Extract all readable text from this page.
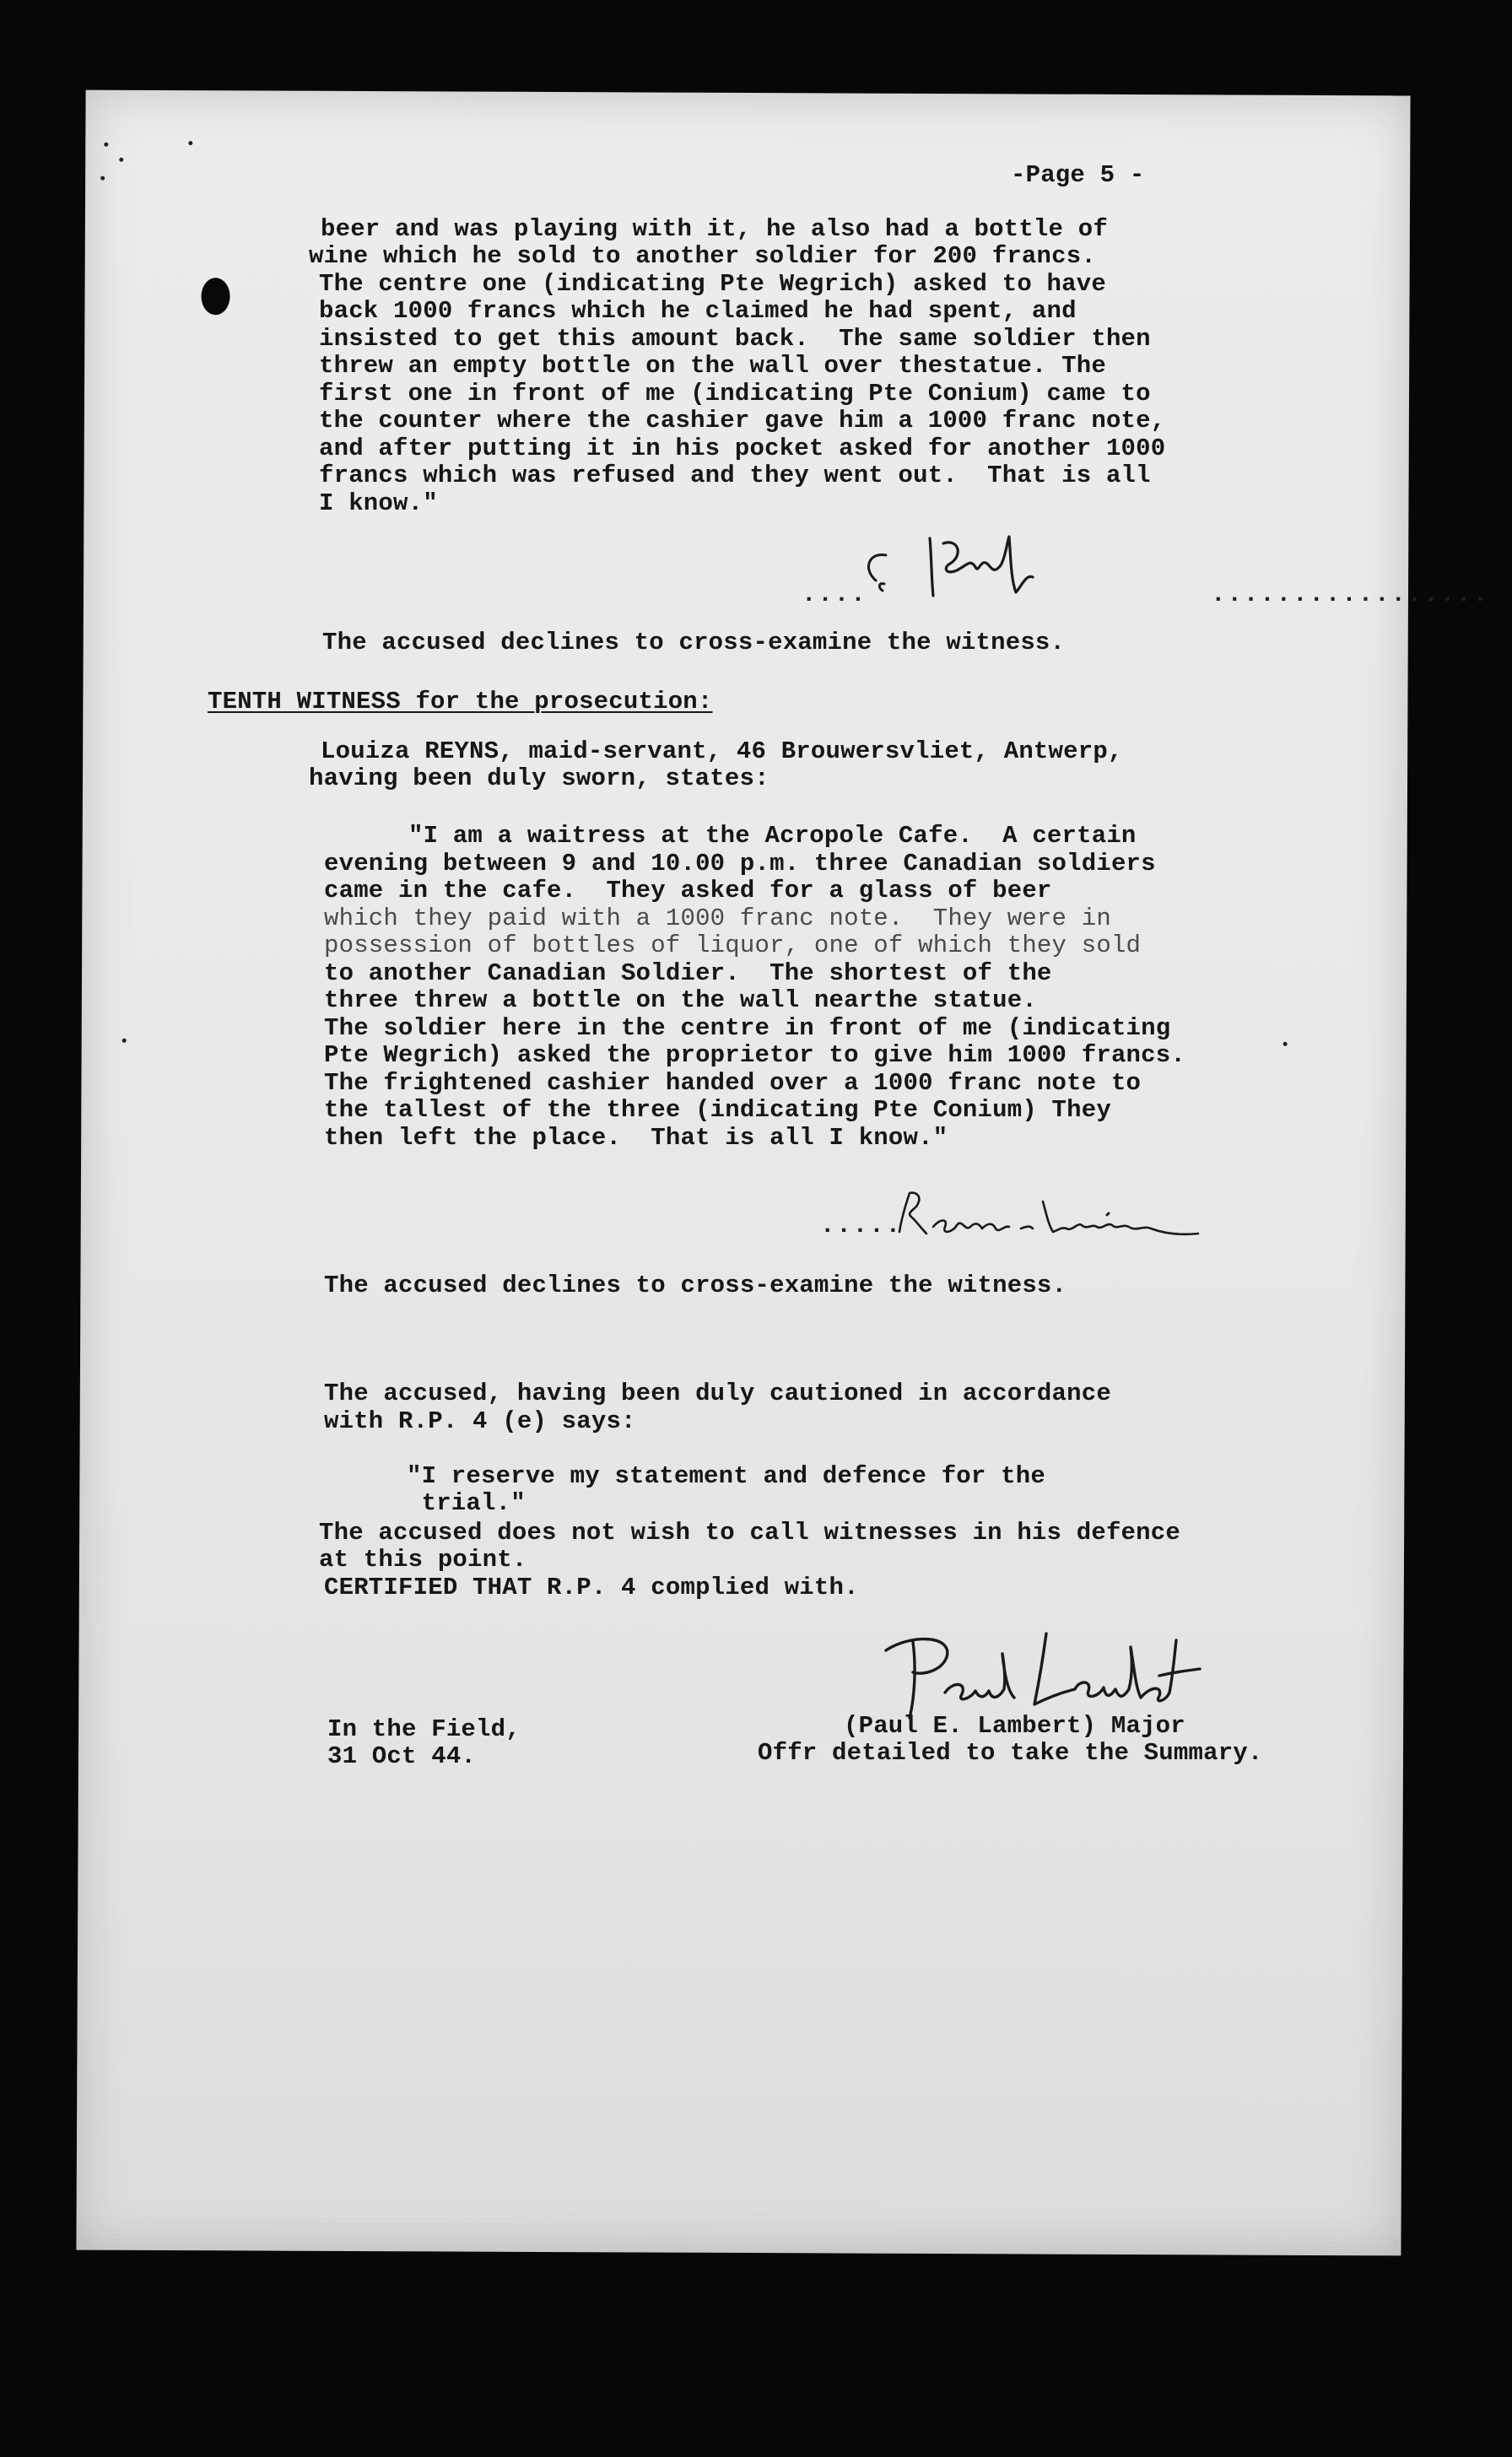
-Page 5 -
beer and was playing with it, he also had a bottle of
wine which he sold to another soldier for 200 francs.
The centre one (indicating Pte Wegrich) asked to have
back 1000 francs which he claimed he had spent, and
insisted to get this amount back.  The same soldier then
threw an empty bottle on the wall over thestatue. The
first one in front of me (indicating Pte Conium) came to
the counter where the cashier gave him a 1000 franc note,
and after putting it in his pocket asked for another 1000
francs which was refused and they went out.  That is all
I know."
....                     .................
C. Cickler
The accused declines to cross-examine the witness.
TENTH WITNESS for the prosecution:
Louiza REYNS, maid-servant, 46 Brouwersvliet, Antwerp,
having been duly sworn, states:
"I am a waitress at the Acropole Cafe.  A certain
evening between 9 and 10.00 p.m. three Canadian soldiers
came in the cafe.  They asked for a glass of beer
which they paid with a 1000 franc note.  They were in
possession of bottles of liquor, one of which they sold
to another Canadian Soldier.  The shortest of the
three threw a bottle on the wall nearthe statue.
The soldier here in the centre in front of me (indicating
Pte Wegrich) asked the proprietor to give him 1000 francs.
The frightened cashier handed over a 1000 franc note to
the tallest of the three (indicating Pte Conium) They
then left the place.  That is all I know."
..... Reyns. Louisa
The accused declines to cross-examine the witness.
The accused, having been duly cautioned in accordance
with R.P. 4 (e) says:
"I reserve my statement and defence for the
trial."
The accused does not wish to call witnesses in his defence
at this point.
CERTIFIED THAT R.P. 4 complied with.
In the Field,
31 Oct 44.
Paul Lambert
(Paul E. Lambert) Major
Offr detailed to take the Summary.
